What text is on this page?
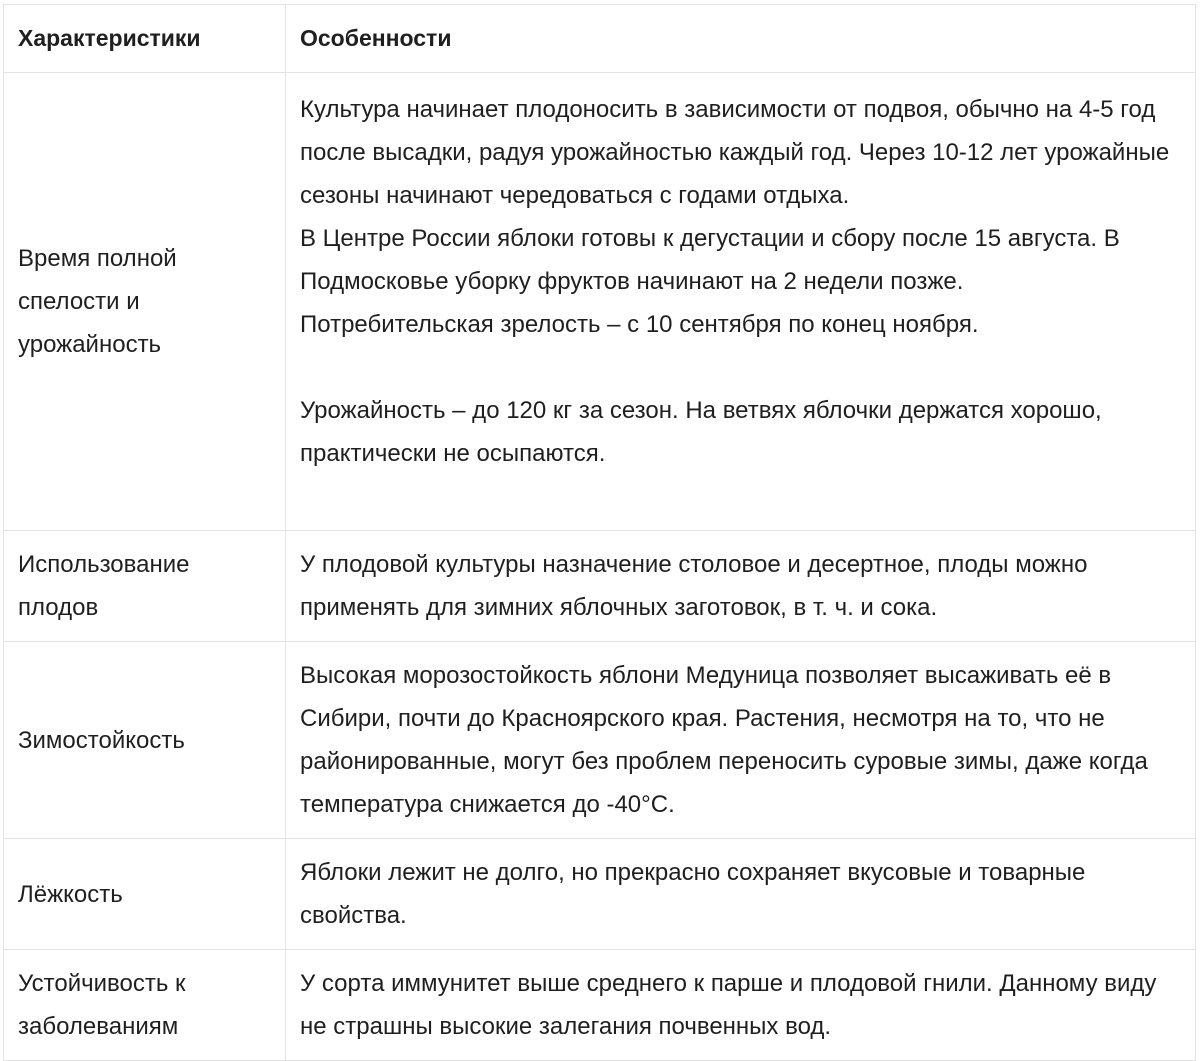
Характеристики	Особенности
Время полной спелости и урожайность	Культура начинает плодоносить в зависимости от подвоя, обычно на 4-5 год после высадки, радуя урожайностью каждый год. Через 10-12 лет урожайные сезоны начинают чередоваться с годами отдыха.
В Центре России яблоки готовы к дегустации и сбору после 15 августа. В Подмосковье уборку фруктов начинают на 2 недели позже.
Потребительская зрелость – с 10 сентября по конец ноября.
Урожайность – до 120 кг за сезон. На ветвях яблочки держатся хорошо, практически не осыпаются.

Использование плодов	У плодовой культуры назначение столовое и десертное, плоды можно применять для зимних яблочных заготовок, в т. ч. и сока.

Зимостойкость	Высокая морозостойкость яблони Медуница позволяет высаживать её в Сибири, почти до Красноярского края. Растения, несмотря на то, что не районированные, могут без проблем переносить суровые зимы, даже когда температура снижается до -40°С.

Лёжкость	Яблоки лежит не долго, но прекрасно сохраняет вкусовые и товарные свойства.

Устойчивость к заболеваниям	У сорта иммунитет выше среднего к парше и плодовой гнили. Данному виду не страшны высокие залегания почвенных вод.
